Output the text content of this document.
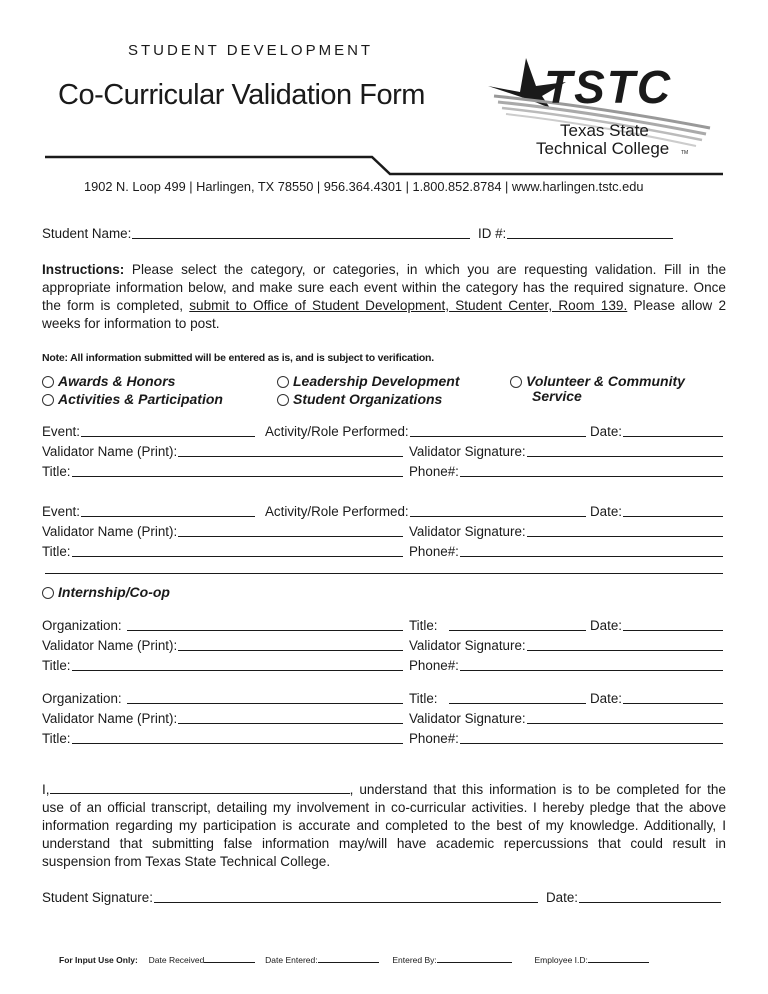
STUDENT DEVELOPMENT
Co-Curricular Validation Form	TSTC
Texas State
Technical College TM
1902 N. Loop 499 | Harlingen, TX 78550 | 956.364.4301 | 1.800.852.8784 | www.harlingen.tstc.edu
Student Name:	ID #:
Instructions: Please select the category, or categories, in which you are requesting validation. Fill in the appropriate information below, and make sure each event within the category has the required signature. Once the form is completed, submit to Office of Student Development, Student Center, Room 139. Please allow 2 weeks for information to post.
Note: All information submitted will be entered as is, and is subject to verification.
Awards & Honors
Activities & Participation
Leadership Development
Student Organizations
Volunteer & Community
Service
Event:	Activity/Role Performed:	Date:
Validator Name (Print):	Validator Signature:
Title:	Phone#:
Event:	Activity/Role Performed:	Date:
Validator Name (Print):	Validator Signature:
Title:	Phone#:
Internship/Co-op
Organization:	Title:	Date:
Validator Name (Print):	Validator Signature:
Title:	Phone#:
Organization:	Title:	Date:
Validator Name (Print):	Validator Signature:
Title:	Phone#:
I,	, understand that this information is to be completed for the use of an official transcript, detailing my involvement in co-curricular activities. I hereby pledge that the above information regarding my participation is accurate and completed to the best of my knowledge. Additionally, I understand that submitting false information may/will have academic repercussions that could result in suspension from Texas State Technical College.
Student Signature:	Date:
For Input Use Only: Date Received	Date Entered:	Entered By:	Employee I.D:
